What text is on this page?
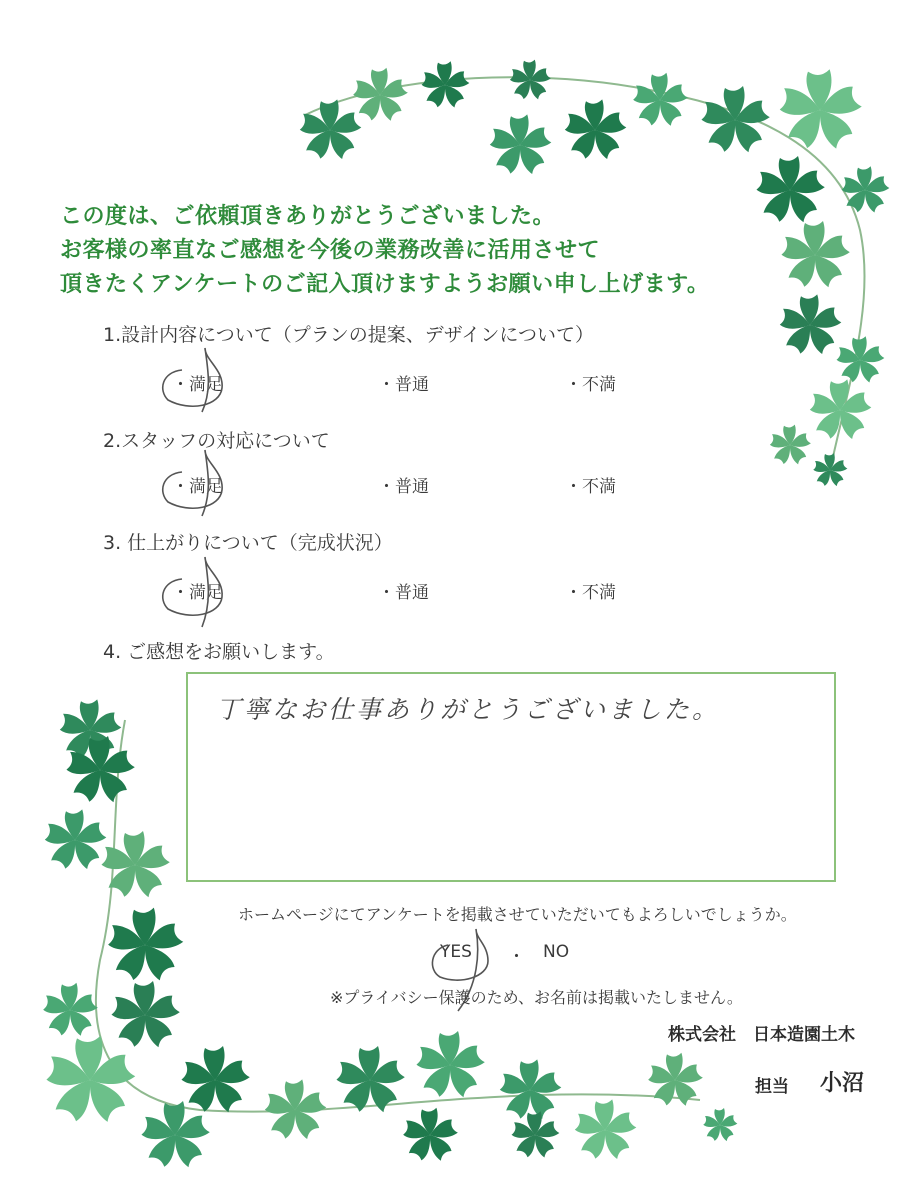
この度は、ご依頼頂きありがとうございました。
お客様の率直なご感想を今後の業務改善に活用させて
頂きたくアンケートのご記入頂けますようお願い申し上げます。
1.設計内容について（プランの提案、デザインについて）
・満足	・普通	・不満
2.スタッフの対応について
・満足	・普通	・不満
3. 仕上がりについて（完成状況）
・満足	・普通	・不満
4. ご感想をお願いします。
丁寧なお仕事ありがとうございました。
ホームページにてアンケートを掲載させていただいてもよろしいでしょうか。
YES ・ NO
※プライバシー保護のため、お名前は掲載いたしません。
株式会社　日本造園土木
担当 小沼
